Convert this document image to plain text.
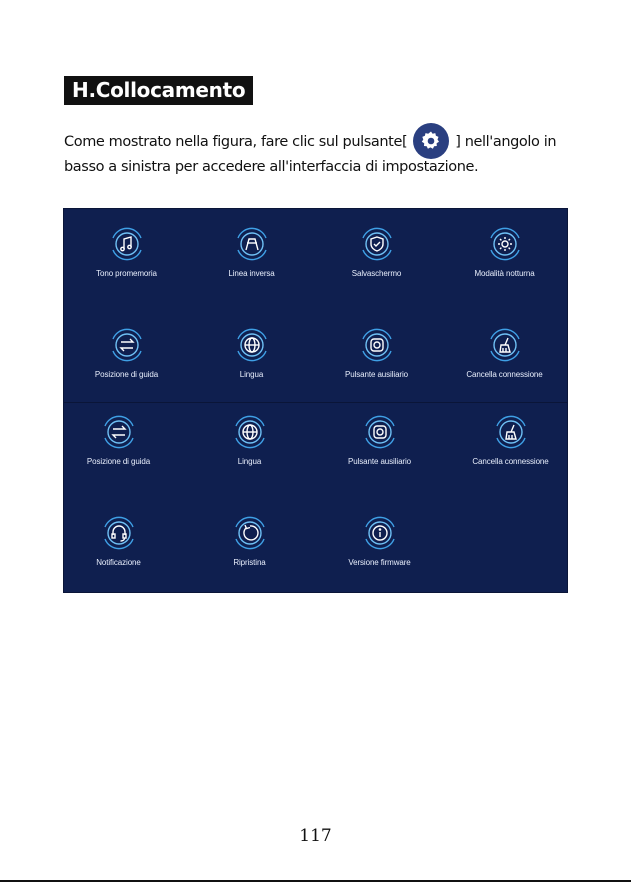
H.Collocamento
Come mostrato nella figura, fare clic sul pulsante[	] nell'angolo in basso a sinistra per accedere all'interfaccia di impostazione.
Tono promemoria	Linea inversa	Salvaschermo	Modalità notturna
Posizione di guida	Lingua	Pulsante ausiliario	Cancella connessione
Posizione di guida	Lingua	Pulsante ausiliario	Cancella connessione
Notificazione	Ripristina	Versione firmware
117
